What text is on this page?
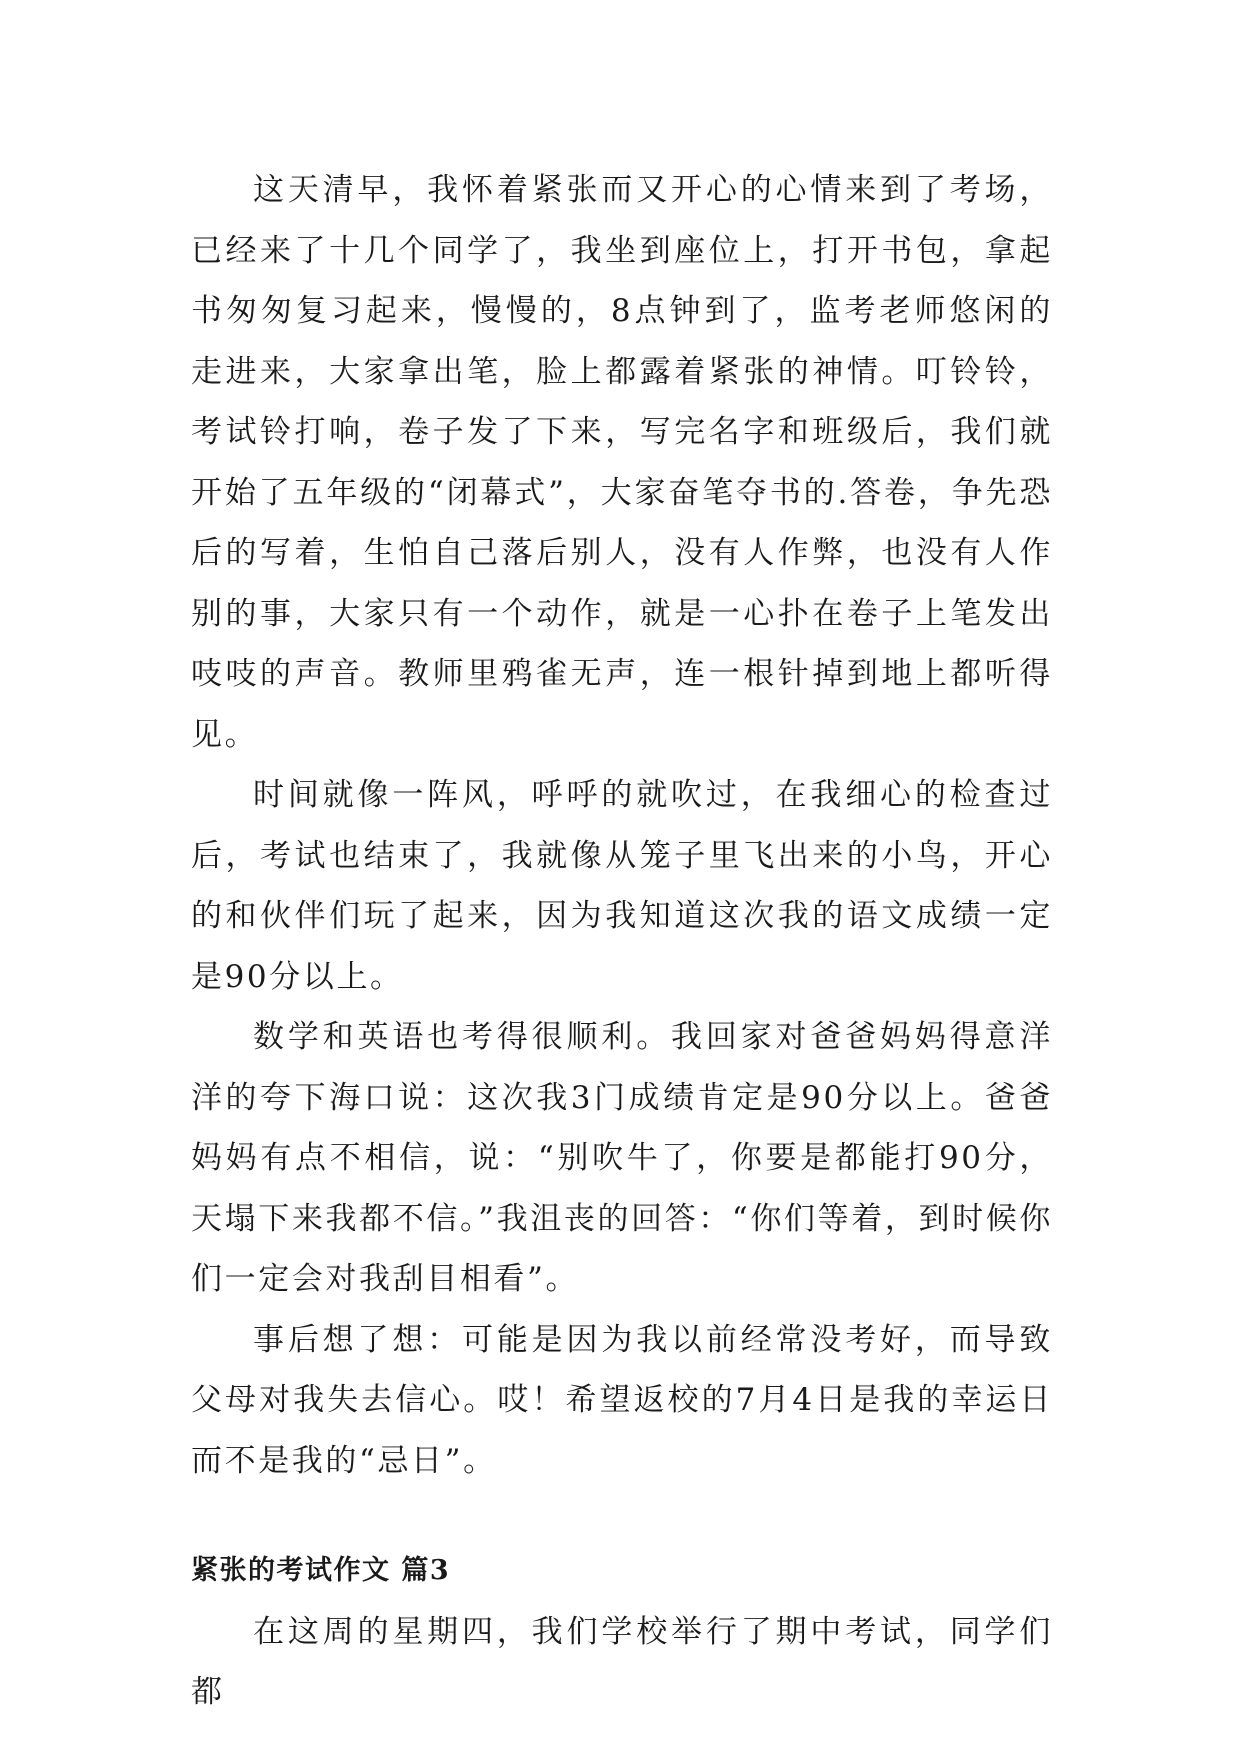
这天清早，我怀着紧张而又开心的心情来到了考场，已经来了十几个同学了，我坐到座位上，打开书包，拿起书匆匆复习起来，慢慢的，8点钟到了，监考老师悠闲的走进来，大家拿出笔，脸上都露着紧张的神情。叮铃铃，考试铃打响，卷子发了下来，写完名字和班级后，我们就开始了五年级的“闭幕式”，大家奋笔夺书的.答卷，争先恐后的写着，生怕自己落后别人，没有人作弊，也没有人作别的事，大家只有一个动作，就是一心扑在卷子上笔发出吱吱的声音。教师里鸦雀无声，连一根针掉到地上都听得见。

时间就像一阵风，呼呼的就吹过，在我细心的检查过后，考试也结束了，我就像从笼子里飞出来的小鸟，开心的和伙伴们玩了起来，因为我知道这次我的语文成绩一定是90分以上。

数学和英语也考得很顺利。我回家对爸爸妈妈得意洋洋的夸下海口说：这次我3门成绩肯定是90分以上。爸爸妈妈有点不相信，说：“别吹牛了，你要是都能打90分，天塌下来我都不信。”我沮丧的回答：“你们等着，到时候你们一定会对我刮目相看”。

事后想了想：可能是因为我以前经常没考好，而导致父母对我失去信心。哎！希望返校的7月4日是我的幸运日而不是我的“忌日”。

紧张的考试作文 篇3

在这周的星期四，我们学校举行了期中考试，同学们都
